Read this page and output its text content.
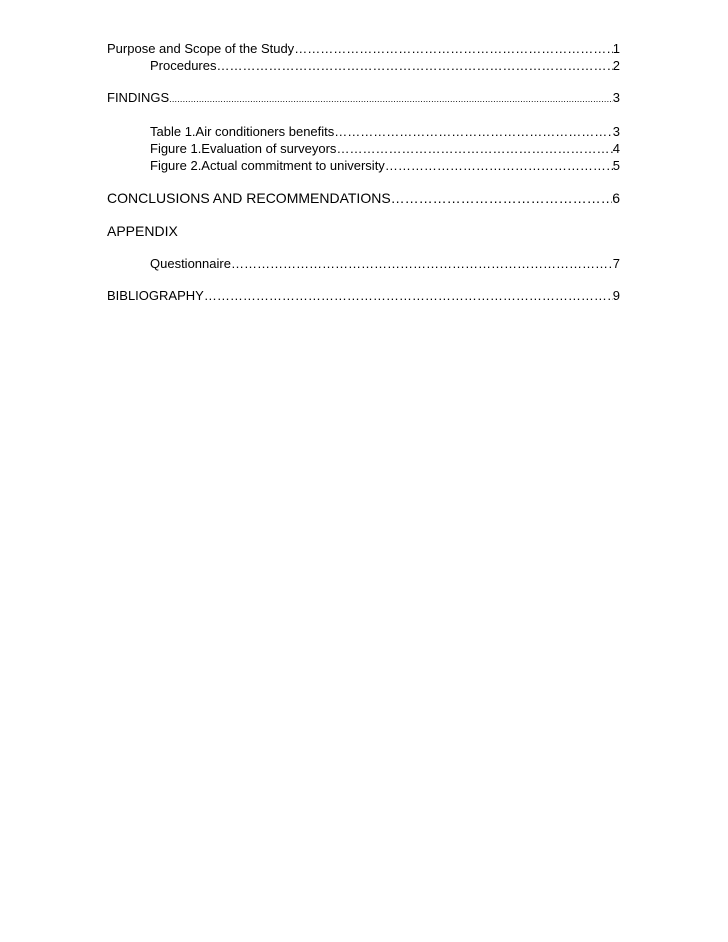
Purpose and Scope of the Study ……………………………………………………………………………………………………………………………………………………	1
Procedures ……………………………………………………………………………………………………………………………………………………	2
FINDINGS .....	3
Table 1.Air conditioners benefits ……………………………………………………………………………………………………………………………………………………	3
Figure 1.Evaluation of surveyors ……………………………………………………………………………………………………………………………………………………	4
Figure 2.Actual commitment to university ……………………………………………………………………………………………………………………………………………………	5
CONCLUSIONS AND RECOMMENDATIONS ……………………………………………………………………………………………………………………………………………………	6
APPENDIX
Questionnaire ……………………………………………………………………………………………………………………………………………………	7
BIBLIOGRAPHY ……………………………………………………………………………………………………………………………………………………	9
